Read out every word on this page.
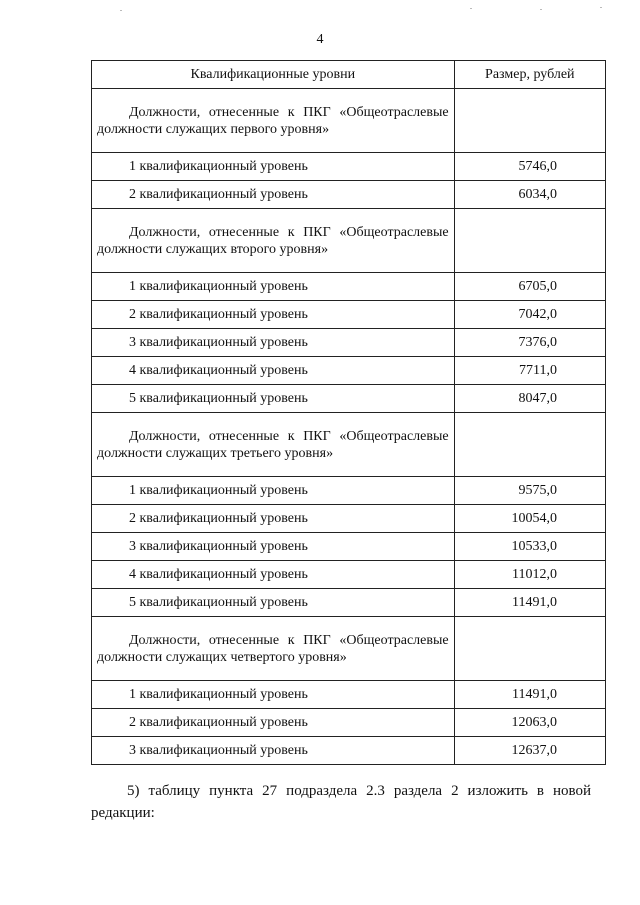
4
Квалификационные уровни	Размер, рублей
Должности, отнесенные к ПКГ «Общеотраслевые должности служащих первого уровня»	
1 квалификационный уровень	5746,0
2 квалификационный уровень	6034,0
Должности, отнесенные к ПКГ «Общеотраслевые должности служащих второго уровня»	
1 квалификационный уровень	6705,0
2 квалификационный уровень	7042,0
3 квалификационный уровень	7376,0
4 квалификационный уровень	7711,0
5 квалификационный уровень	8047,0
Должности, отнесенные к ПКГ «Общеотраслевые должности служащих третьего уровня»	
1 квалификационный уровень	9575,0
2 квалификационный уровень	10054,0
3 квалификационный уровень	10533,0
4 квалификационный уровень	11012,0
5 квалификационный уровень	11491,0
Должности, отнесенные к ПКГ «Общеотраслевые должности служащих четвертого уровня»	
1 квалификационный уровень	11491,0
2 квалификационный уровень	12063,0
3 квалификационный уровень	12637,0
5) таблицу пункта 27 подраздела 2.3 раздела 2 изложить в новой редакции:
